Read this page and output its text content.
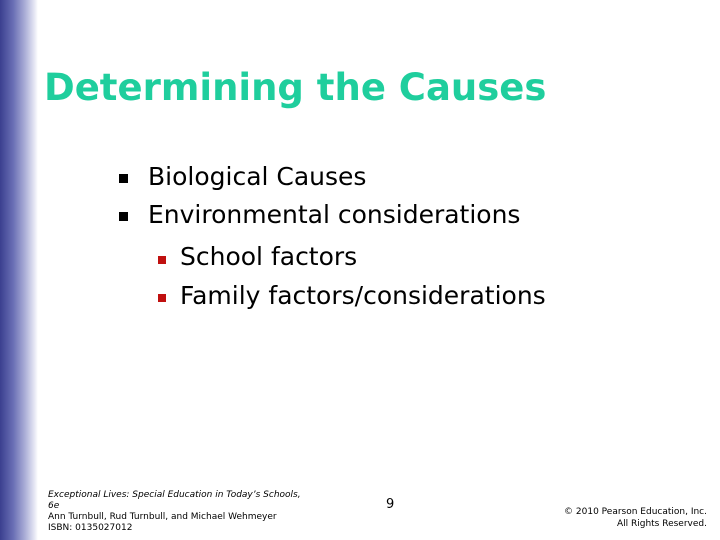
Determining the Causes
Biological Causes
Environmental considerations
School factors
Family factors/considerations
Exceptional Lives: Special Education in Today’s Schools,
6e
Ann Turnbull, Rud Turnbull, and Michael Wehmeyer
ISBN: 0135027012
9	© 2010 Pearson Education, Inc.
All Rights Reserved.
